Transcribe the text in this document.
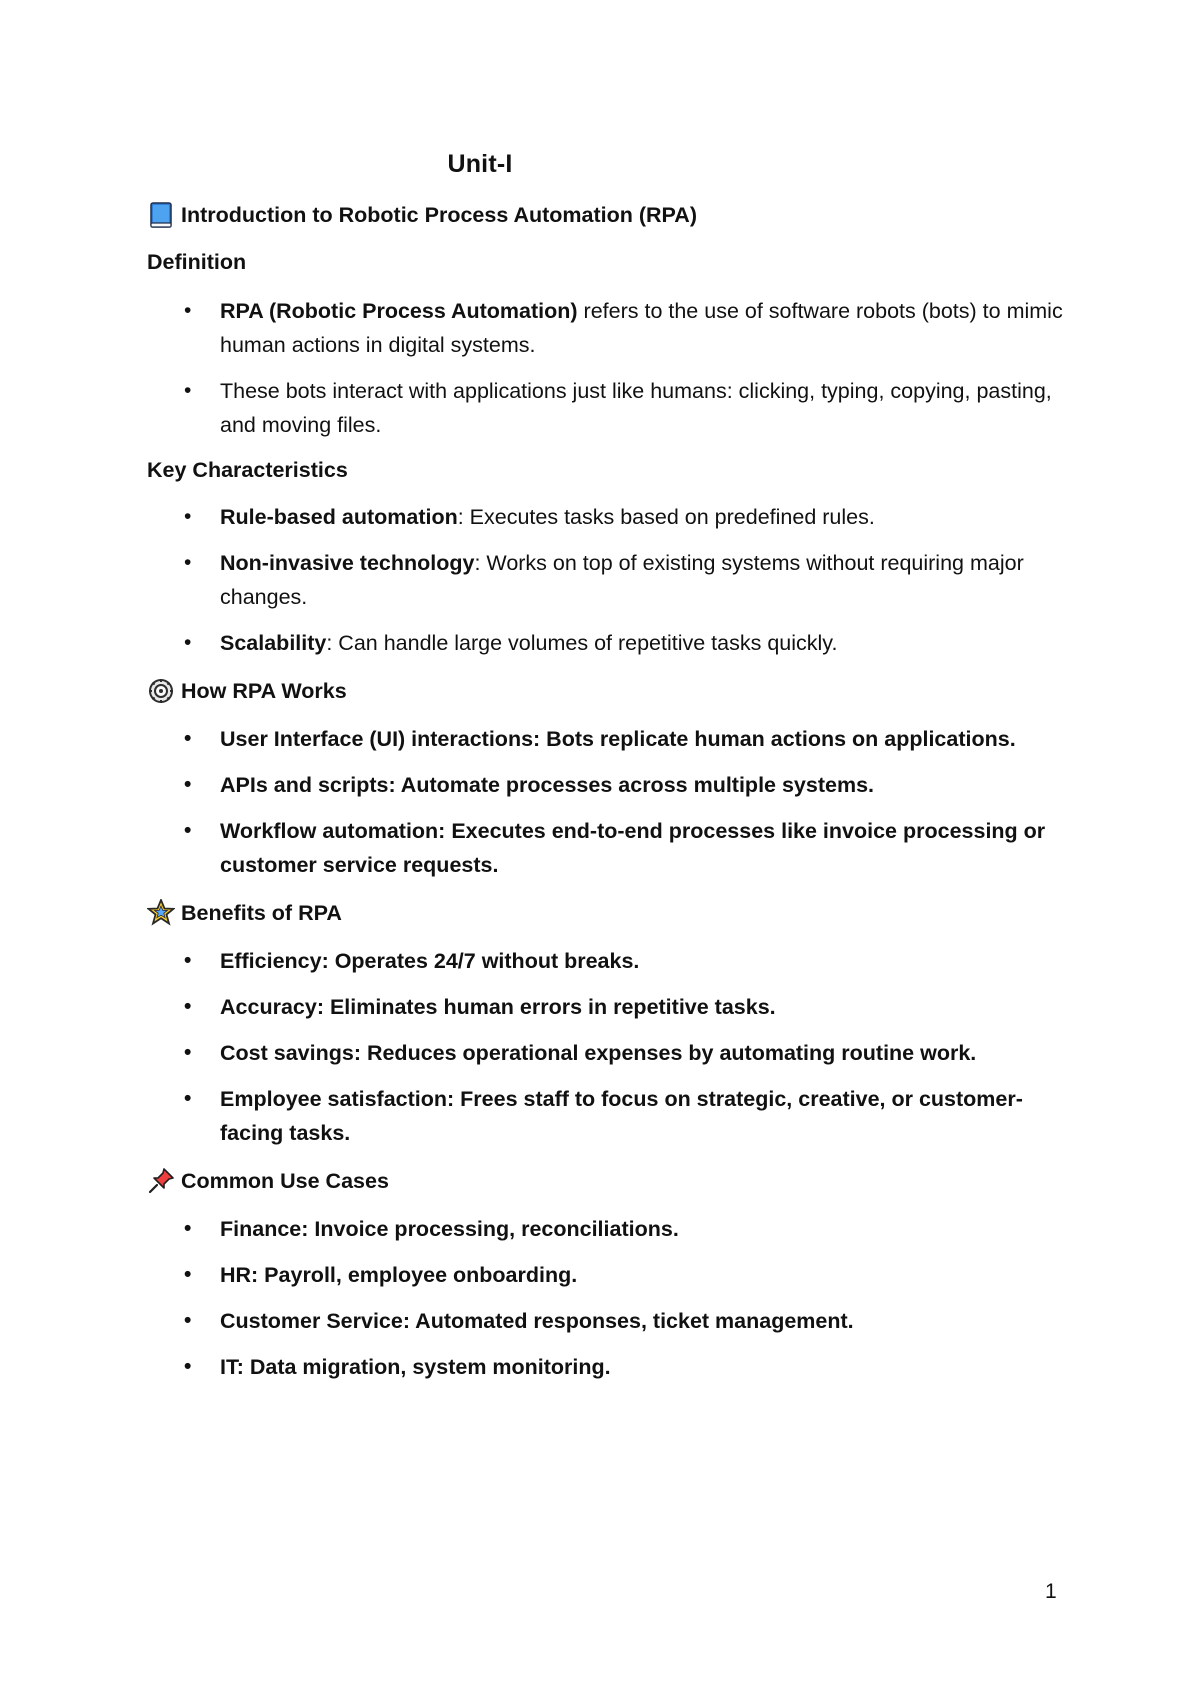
Unit-I
Introduction to Robotic Process Automation (RPA)
Definition
• RPA (Robotic Process Automation) refers to the use of software robots (bots) to mimic human actions in digital systems.
• These bots interact with applications just like humans: clicking, typing, copying, pasting, and moving files.
Key Characteristics
• Rule-based automation: Executes tasks based on predefined rules.
• Non-invasive technology: Works on top of existing systems without requiring major changes.
• Scalability: Can handle large volumes of repetitive tasks quickly.
How RPA Works
• User Interface (UI) interactions: Bots replicate human actions on applications.
• APIs and scripts: Automate processes across multiple systems.
• Workflow automation: Executes end-to-end processes like invoice processing or customer service requests.
Benefits of RPA
• Efficiency: Operates 24/7 without breaks.
• Accuracy: Eliminates human errors in repetitive tasks.
• Cost savings: Reduces operational expenses by automating routine work.
• Employee satisfaction: Frees staff to focus on strategic, creative, or customer-facing tasks.
Common Use Cases
• Finance: Invoice processing, reconciliations.
• HR: Payroll, employee onboarding.
• Customer Service: Automated responses, ticket management.
• IT: Data migration, system monitoring.
1
